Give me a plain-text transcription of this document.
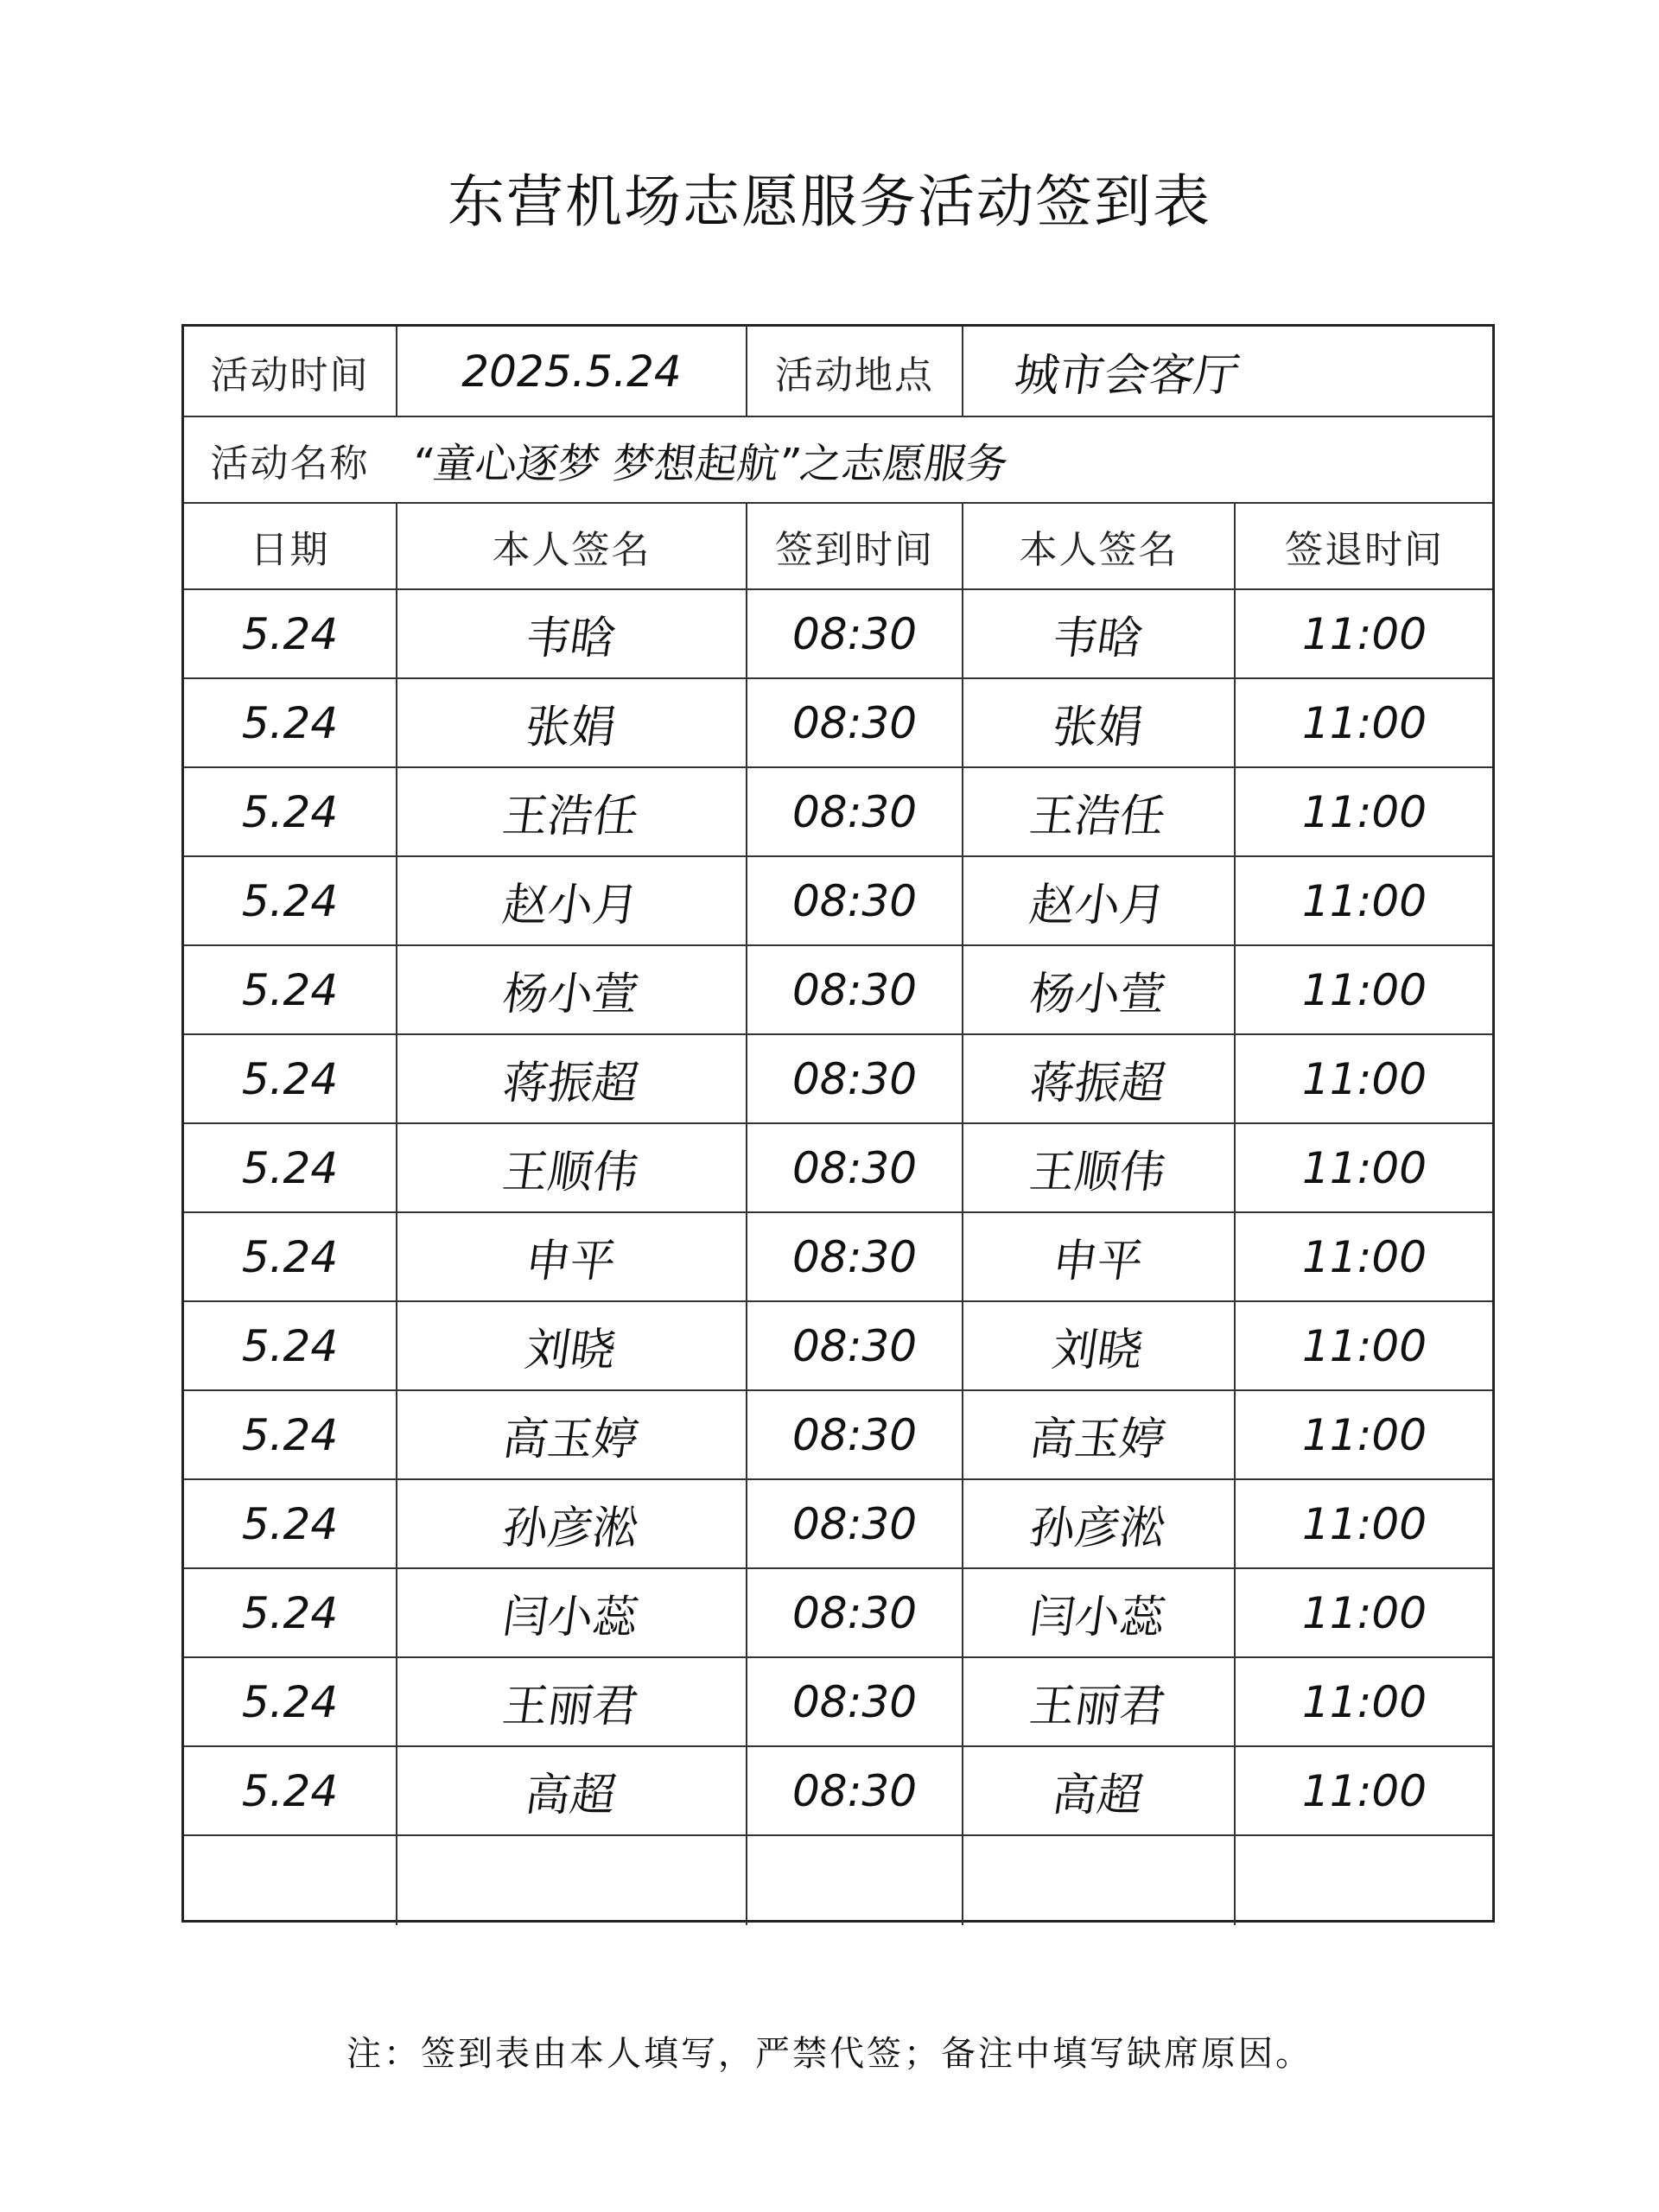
东营机场志愿服务活动签到表
活动时间 2025.5.24 活动地点 城市会客厅
活动名称 “童心逐梦 梦想起航”之志愿服务
日期	本人签名	签到时间 本人签名	签退时间
5.24	韦晗	08:30	韦晗	11:00
5.24	张娟	08:30	张娟	11:00
5.24	王浩任	08:30 王浩任	11:00
5.24	赵小月	08:30 赵小月	11:00
5.24	杨小萱	08:30 杨小萱	11:00
5.24	蒋振超	08:30 蒋振超	11:00
5.24	王顺伟	08:30 王顺伟	11:00
5.24	申平	08:30	申平	11:00
5.24	刘晓	08:30	刘晓	11:00
5.24	高玉婷	08:30 高玉婷	11:00
5.24	孙彦淞	08:30 孙彦淞	11:00
5.24	闫小蕊	08:30 闫小蕊	11:00
5.24	王丽君	08:30 王丽君	11:00
5.24	高超	08:30	高超	11:00
注：签到表由本人填写，严禁代签；备注中填写缺席原因。
